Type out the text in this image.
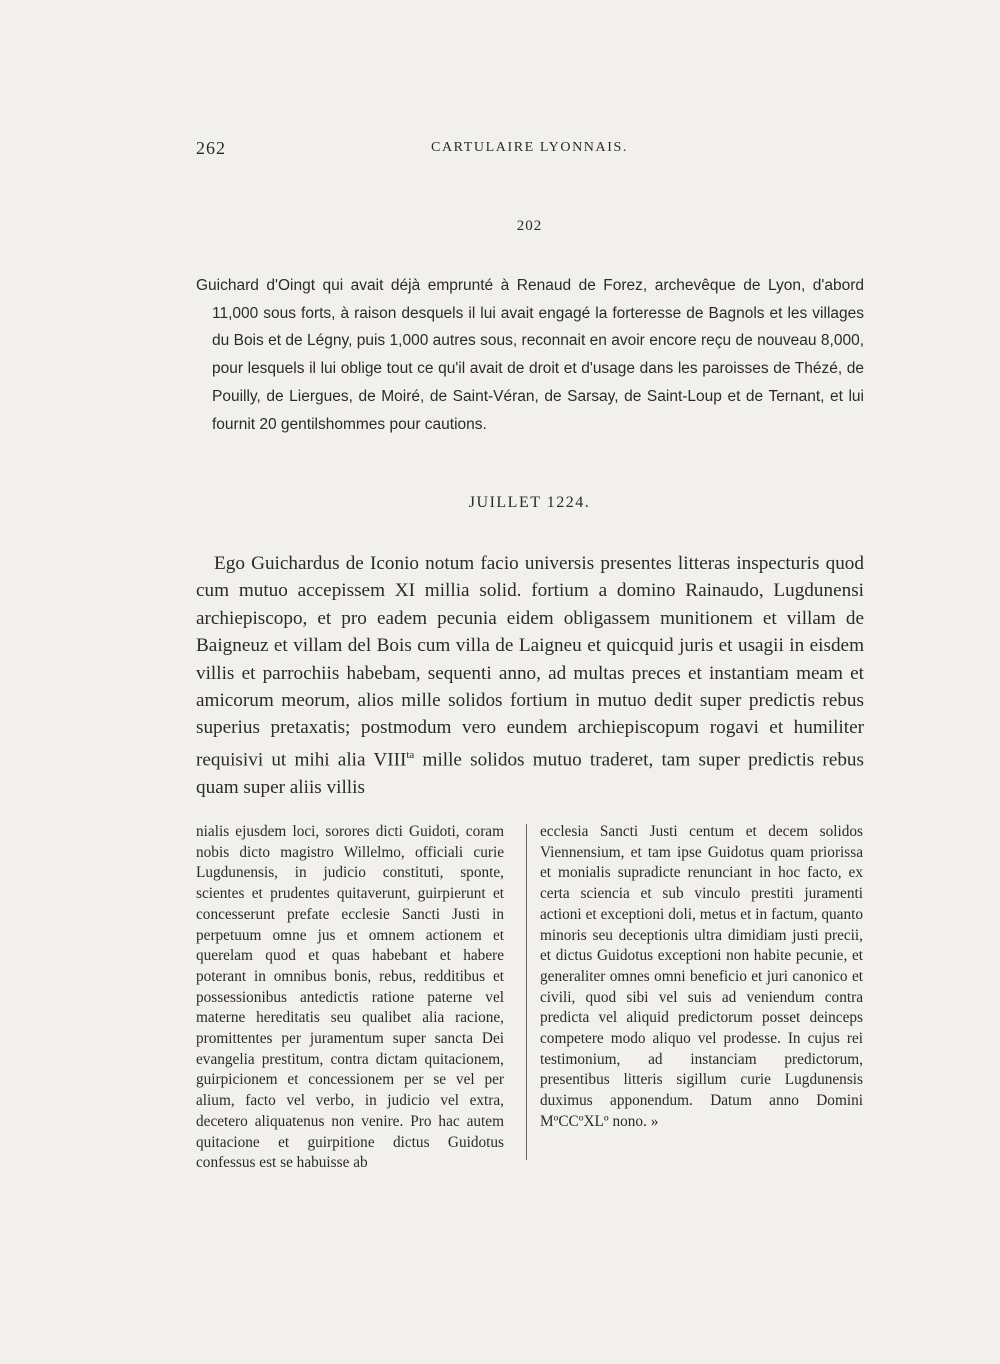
262	CARTULAIRE LYONNAIS.
202

Guichard d'Oingt qui avait déjà emprunté à Renaud de Forez, archevêque de Lyon, d'abord 11,000 sous forts, à raison desquels il lui avait engagé la forteresse de Bagnols et les villages du Bois et de Légny, puis 1,000 autres sous, reconnait en avoir encore reçu de nouveau 8,000, pour lesquels il lui oblige tout ce qu'il avait de droit et d'usage dans les paroisses de Thézé, de Pouilly, de Liergues, de Moiré, de Saint-Véran, de Sarsay, de Saint-Loup et de Ternant, et lui fournit 20 gentilshommes pour cautions.

JUILLET 1224.

Ego Guichardus de Iconio notum facio universis presentes litteras inspecturis quod cum mutuo accepissem XI millia solid. fortium a domino Rainaudo, Lugdunensi archiepiscopo, et pro eadem pecunia eidem obligassem munitionem et villam de Baigneuz et villam del Bois cum villa de Laigneu et quicquid juris et usagii in eisdem villis et parrochiis habebam, sequenti anno, ad multas preces et instantiam meam et amicorum meorum, alios mille solidos fortium in mutuo dedit super predictis rebus superius pretaxatis; postmodum vero eundem archiepiscopum rogavi et humiliter requisivi ut mihi alia $VIII^{ta}$ mille solidos mutuo traderet, tam super predictis rebus quam super aliis villis

nialis ejusdem loci, sorores dicti Guidoti, coram nobis dicto magistro Willelmo, officiali curie Lugdunensis, in judicio constituti, sponte, scientes et prudentes quitaverunt, guirpierunt et concesserunt prefate ecclesie Sancti Justi in perpetuum omne jus et omnem actionem et querelam quod et quas habebant et habere poterant in omnibus bonis, rebus, redditibus et possessionibus antedictis ratione paterne vel materne hereditatis seu qualibet alia racione, promittentes per juramentum super sancta Dei evangelia prestitum, contra dictam quitacionem, guirpicionem et concessionem per se vel per alium, facto vel verbo, in judicio vel extra, decetero aliquatenus non venire. Pro hac autem quitacione et guirpitione dictus Guidotus confessus est se habuisse ab

ecclesia Sancti Justi centum et decem solidos Viennensium, et tam ipse Guidotus quam priorissa et monialis supradicte renunciant in hoc facto, ex certa sciencia et sub vinculo prestiti juramenti actioni et exceptioni doli, metus et in factum, quanto minoris seu deceptionis ultra dimidiam justi precii, et dictus Guidotus exceptioni non habite pecunie, et generaliter omnes omni beneficio et juri canonico et civili, quod sibi vel suis ad veniendum contra predicta vel aliquid predictorum posset deinceps competere modo aliquo vel prodesse. In cujus rei testimonium, ad instanciam predictorum, presentibus litteris sigillum curie Lugdunensis duximus apponendum. Datum anno Domini MºCCºXLº nono. »
